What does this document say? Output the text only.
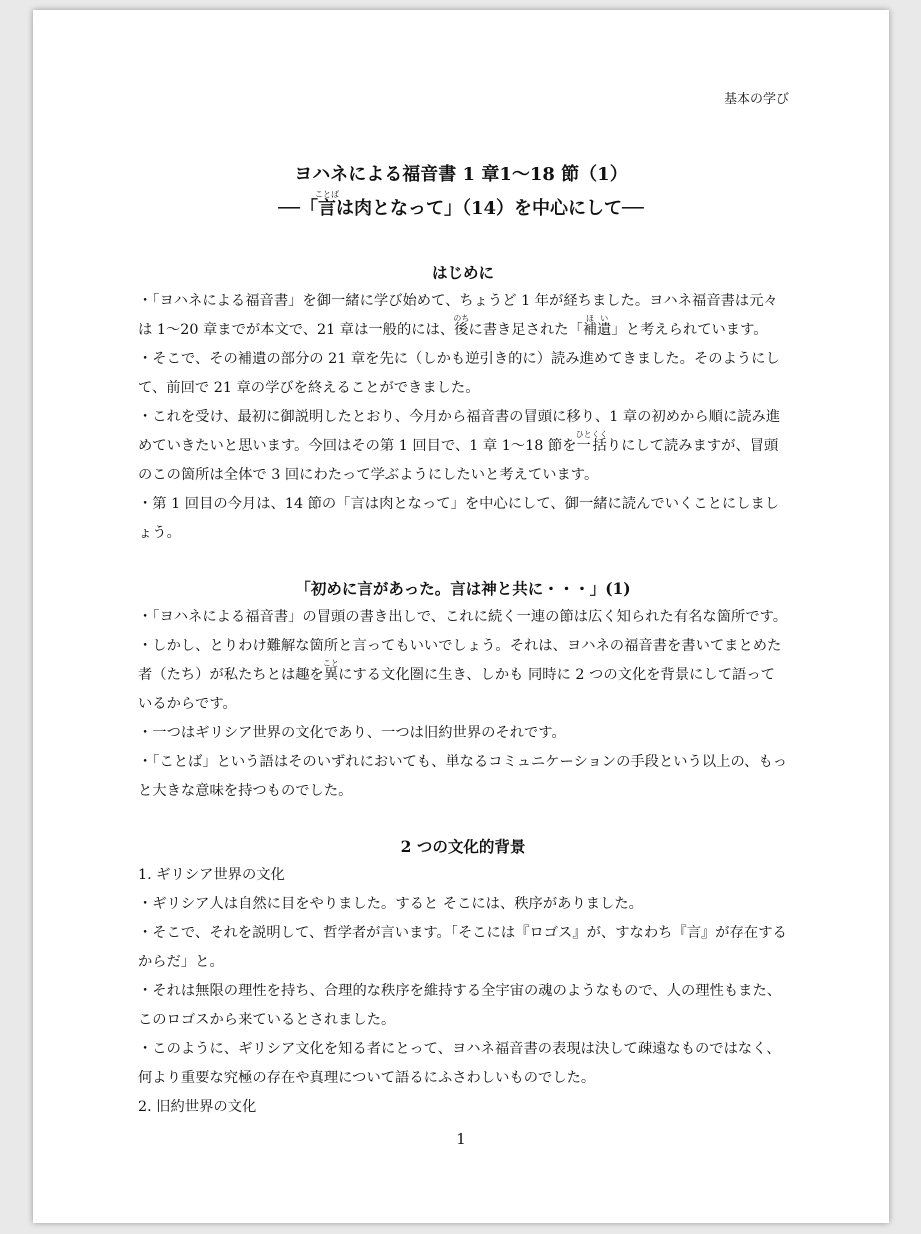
基本の学び
ヨハネによる福音書 1 章1〜18 節（1）
──「言ことばは肉となって」（14）を中心にして──
はじめに

・「ヨハネによる福音書」を御一緒に学び始めて、ちょうど 1 年が経ちました。ヨハネ福音書は元々は 1〜20 章までが本文で、21 章は一般的には、後のちに書き足された「補遺ほい」と考えられています。

・そこで、その補遺の部分の 21 章を先に（しかも逆引き的に）読み進めてきました。そのようにして、前回で 21 章の学びを終えることができました。

・これを受け、最初に御説明したとおり、今月から福音書の冒頭に移り、1 章の初めから順に読み進めていきたいと思います。今回はその第 1 回目で、1 章 1〜18 節を一括ひとくくりにして読みますが、冒頭のこの箇所は全体で 3 回にわたって学ぶようにしたいと考えています。

・第 1 回目の今月は、14 節の「言は肉となって」を中心にして、御一緒に読んでいくことにしましょう。

「初めに言があった。言は神と共に・・・」(1)

・「ヨハネによる福音書」の冒頭の書き出しで、これに続く一連の節は広く知られた有名な箇所です。

・しかし、とりわけ難解な箇所と言ってもいいでしょう。それは、ヨハネの福音書を書いてまとめた者（たち）が私たちとは趣を異ことにする文化圏に生き、しかも 同時に 2 つの文化を背景にして語っているからです。

・一つはギリシア世界の文化であり、一つは旧約世界のそれです。

・「ことば」という語はそのいずれにおいても、単なるコミュニケーションの手段という以上の、もっと大きな意味を持つものでした。

2 つの文化的背景

1. ギリシア世界の文化

・ギリシア人は自然に目をやりました。すると そこには、秩序がありました。

・そこで、それを説明して、哲学者が言います。「そこには『ロゴス』が、すなわち『言』が存在するからだ」と。

・それは無限の理性を持ち、合理的な秩序を維持する全宇宙の魂のようなもので、人の理性もまた、このロゴスから来ているとされました。

・このように、ギリシア文化を知る者にとって、ヨハネ福音書の表現は決して疎遠なものではなく、何より重要な究極の存在や真理について語るにふさわしいものでした。

2. 旧約世界の文化

1
